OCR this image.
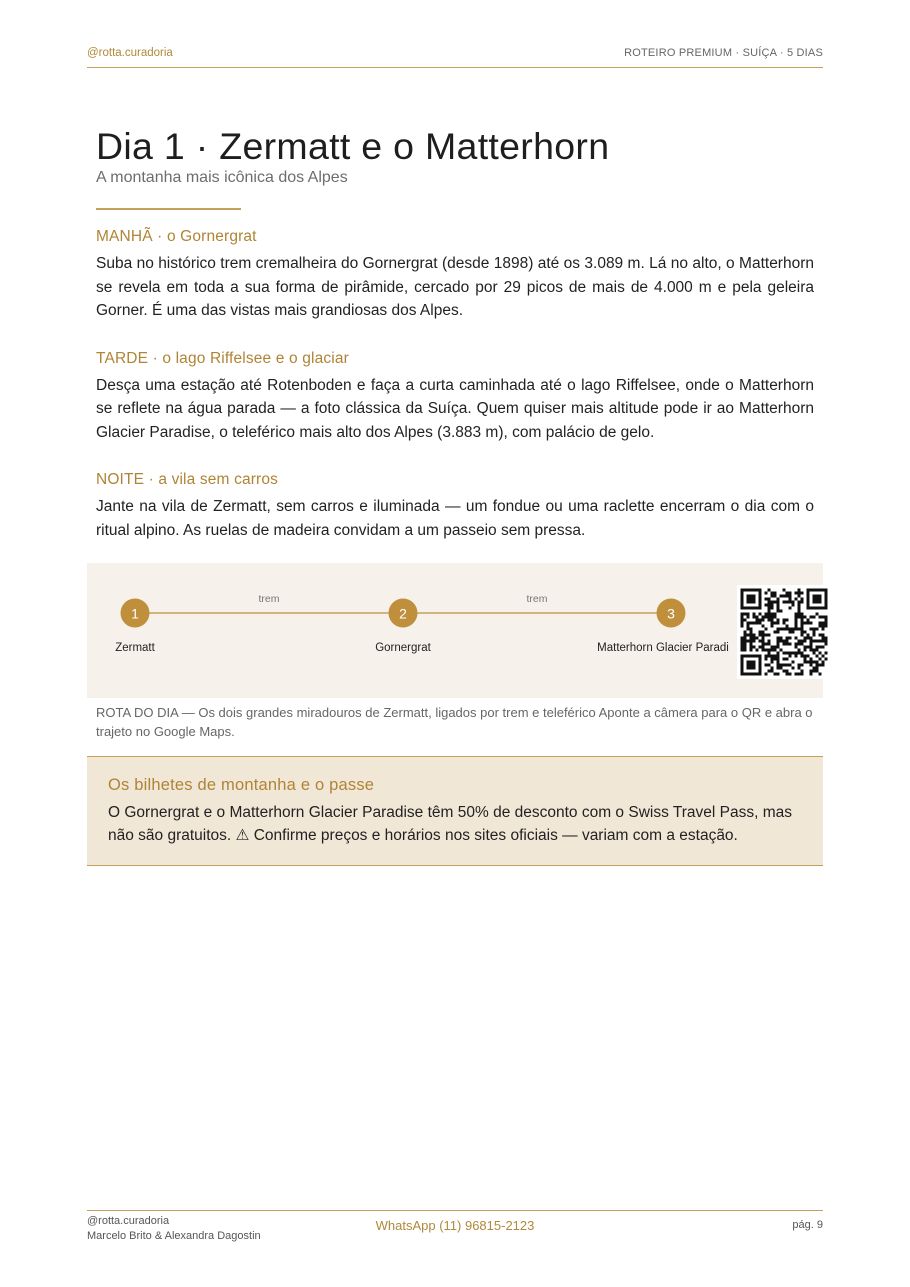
@rotta.curadoria	ROTEIRO PREMIUM · SUÍÇA · 5 DIAS
Dia 1 · Zermatt e o Matterhorn
A montanha mais icônica dos Alpes
MANHÃ · o Gornergrat

Suba no histórico trem cremalheira do Gornergrat (desde 1898) até os 3.089 m. Lá no alto, o Matterhorn se revela em toda a sua forma de pirâmide, cercado por 29 picos de mais de 4.000 m e pela geleira Gorner. É uma das vistas mais grandiosas dos Alpes.

TARDE · o lago Riffelsee e o glaciar

Desça uma estação até Rotenboden e faça a curta caminhada até o lago Riffelsee, onde o Matterhorn se reflete na água parada — a foto clássica da Suíça. Quem quiser mais altitude pode ir ao Matterhorn Glacier Paradise, o teleférico mais alto dos Alpes (3.883 m), com palácio de gelo.

NOITE · a vila sem carros

Jante na vila de Zermatt, sem carros e iluminada — um fondue ou uma raclette encerram o dia com o ritual alpino. As ruelas de madeira convidam a um passeio sem pressa.

trem	trem
1
Zermatt
2
Gornergrat
3
Matterhorn Glacier Paradi
ROTA DO DIA — Os dois grandes miradouros de Zermatt, ligados por trem e teleférico Aponte a câmera para o QR e abra o trajeto no Google Maps.
Os bilhetes de montanha e o passe
O Gornergrat e o Matterhorn Glacier Paradise têm 50% de desconto com o Swiss Travel Pass, mas não são gratuitos. ⚠ Confirme preços e horários nos sites oficiais — variam com a estação.
@rotta.curadoria
Marcelo Brito & Alexandra Dagostin
WhatsApp (11) 96815-2123	pág. 9
